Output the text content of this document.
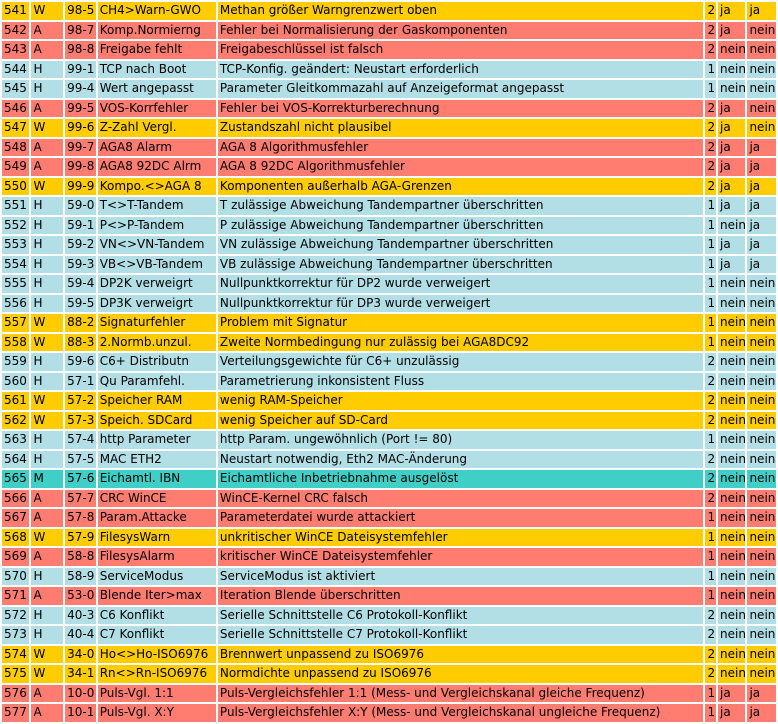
541	W	98-5	CH4>Warn-GWO	Methan größer Warngrenzwert oben	2	ja	ja
542	A	98-7	Komp.Normierng	Fehler bei Normalisierung der Gaskomponenten	2	ja	nein
543	A	98-8	Freigabe fehlt	Freigabeschlüssel ist falsch	2	nein	nein
544	H	99-1	TCP nach Boot	TCP-Konfig. geändert: Neustart erforderlich	1	nein	nein
545	H	99-4	Wert angepasst	Parameter Gleitkommazahl auf Anzeigeformat angepasst	1	nein	nein
546	A	99-5	VOS-Korrfehler	Fehler bei VOS-Korrekturberechnung	2	ja	nein
547	W	99-6	Z-Zahl Vergl.	Zustandszahl nicht plausibel	2	ja	nein
548	A	99-7	AGA8 Alarm	AGA 8 Algorithmusfehler	2	ja	ja
549	A	99-8	AGA8 92DC Alrm	AGA 8 92DC Algorithmusfehler	2	ja	ja
550	W	99-9	Kompo.<>AGA 8	Komponenten außerhalb AGA-Grenzen	2	ja	ja
551	H	59-0	T<>T-Tandem	T zulässige Abweichung Tandempartner überschritten	1	ja	ja
552	H	59-1	P<>P-Tandem	P zulässige Abweichung Tandempartner überschritten	1	nein	ja
553	H	59-2	VN<>VN-Tandem	VN zulässige Abweichung Tandempartner überschritten	1	ja	ja
554	H	59-3	VB<>VB-Tandem	VB zulässige Abweichung Tandempartner überschritten	1	ja	ja
555	H	59-4	DP2K verweigrt	Nullpunktkorrektur für DP2 wurde verweigert	1	nein	nein
556	H	59-5	DP3K verweigrt	Nullpunktkorrektur für DP3 wurde verweigert	1	nein	nein
557	W	88-2	Signaturfehler	Problem mit Signatur	1	nein	nein
558	W	88-3	2.Normb.unzul.	Zweite Normbedingung nur zulässig bei AGA8DC92	1	nein	nein
559	H	59-6	C6+ Distributn	Verteilungsgewichte für C6+ unzulässig	2	nein	nein
560	H	57-1	Qu Paramfehl.	Parametrierung inkonsistent Fluss	2	nein	nein
561	W	57-2	Speicher RAM	wenig RAM-Speicher	2	nein	nein
562	W	57-3	Speich. SDCard	wenig Speicher auf SD-Card	2	nein	nein
563	H	57-4	http Parameter	http Param. ungewöhnlich (Port != 80)	1	nein	nein
564	H	57-5	MAC ETH2	Neustart notwendig, Eth2 MAC-Änderung	2	nein	nein
565	M	57-6	Eichamtl. IBN	Eichamtliche Inbetriebnahme ausgelöst	2	nein	nein
566	A	57-7	CRC WinCE	WinCE-Kernel CRC falsch	2	nein	nein
567	A	57-8	Param.Attacke	Parameterdatei wurde attackiert	1	nein	nein
568	W	57-9	FilesysWarn	unkritischer WinCE Dateisystemfehler	1	nein	nein
569	A	58-8	FilesysAlarm	kritischer WinCE Dateisystemfehler	1	nein	nein
570	H	58-9	ServiceModus	ServiceModus ist aktiviert	1	nein	nein
571	A	53-0	Blende Iter>max	Iteration Blende überschritten	1	nein	nein
572	H	40-3	C6 Konflikt	Serielle Schnittstelle C6 Protokoll-Konflikt	2	nein	nein
573	H	40-4	C7 Konflikt	Serielle Schnittstelle C7 Protokoll-Konflikt	2	nein	nein
574	W	34-0	Ho<>Ho-ISO6976	Brennwert unpassend zu ISO6976	2	nein	nein
575	W	34-1	Rn<>Rn-ISO6976	Normdichte unpassend zu ISO6976	2	nein	nein
576	A	10-0	Puls-Vgl. 1:1	Puls-Vergleichsfehler 1:1 (Mess- und Vergleichskanal gleiche Frequenz)	1	ja	ja
577	A	10-1	Puls-Vgl. X:Y	Puls-Vergleichsfehler X:Y (Mess- und Vergleichskanal ungleiche Frequenz)	1	ja	ja
